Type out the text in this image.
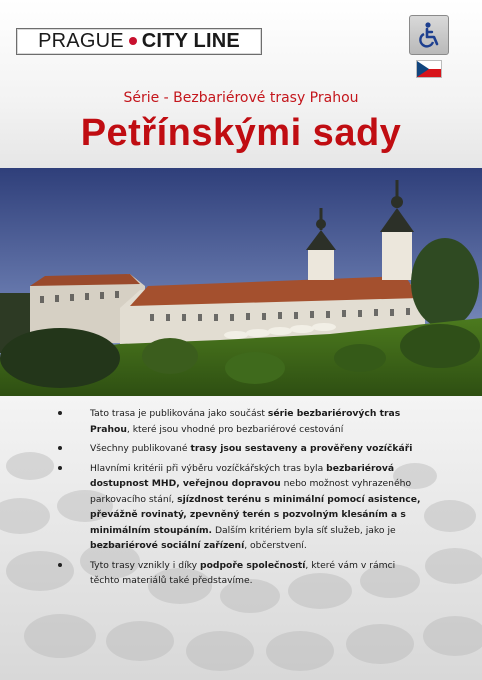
PRAGUE CITY LINE
Série - Bezbariérové trasy Prahou
Petřínskými sady
Tato trasa je publikována jako součást série bezbariérových tras Prahou, které jsou vhodné pro bezbariérové cestování
Všechny publikované trasy jsou sestaveny a prověřeny vozíčkáři
Hlavními kritérii při výběru vozíčkářských tras byla bezbariérová dostupnost MHD, veřejnou dopravou nebo možnost vyhrazeného parkovacího stání, sjízdnost terénu s minimální pomocí asistence, převážně rovinatý, zpevněný terén s pozvolným klesáním a s minimálním stoupáním. Dalším kritériem byla síť služeb, jako je bezbariérové sociální zařízení, občerstvení.
Tyto trasy vznikly i díky podpoře společností, které vám v rámci těchto materiálů také představíme.
